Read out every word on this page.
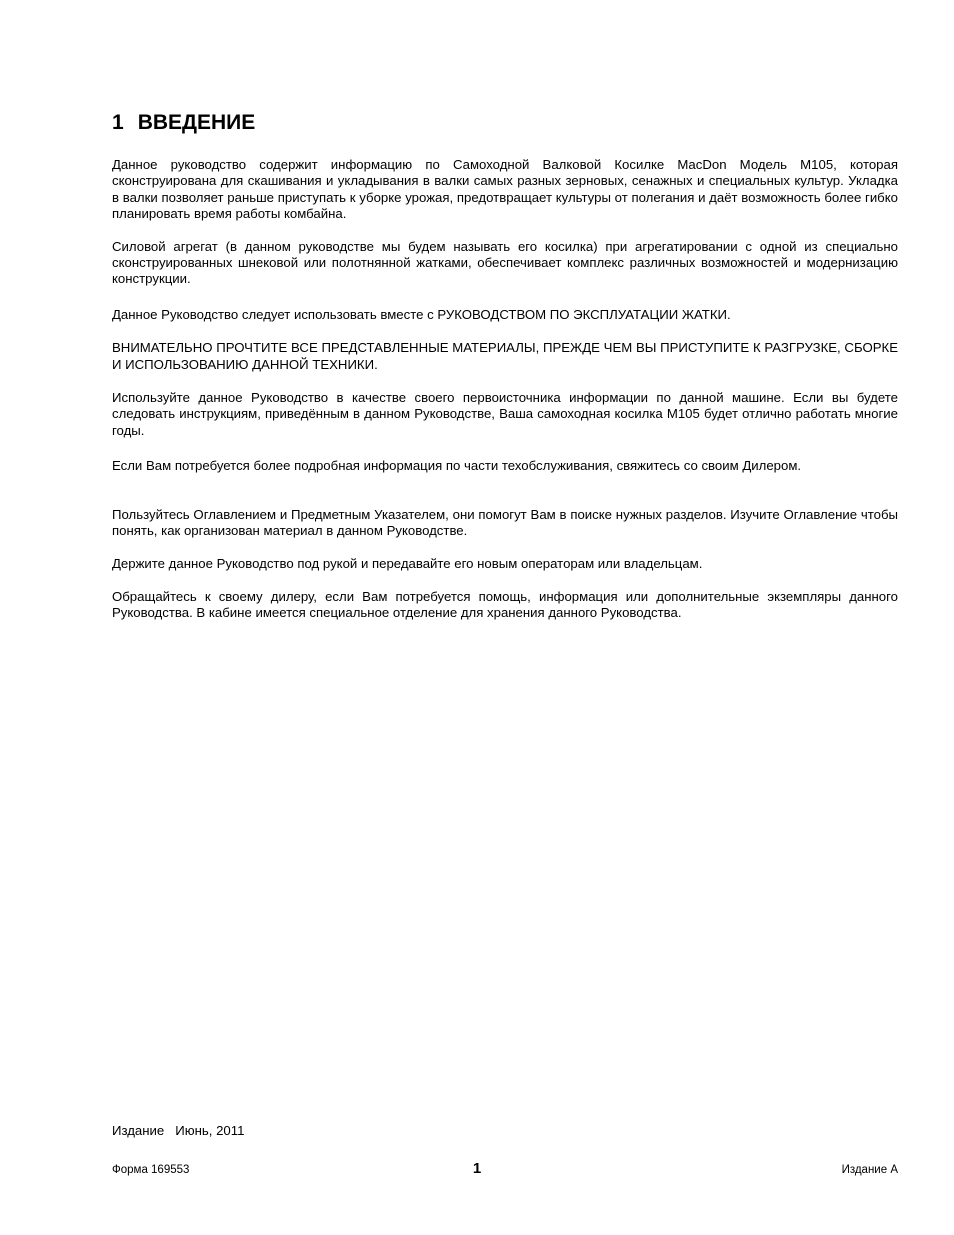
1 ВВЕДЕНИЕ

Данное руководство содержит информацию по Самоходной Валковой Косилке MacDon Модель М105, которая сконструирована для скашивания и укладывания в валки самых разных зерновых, сенажных и специальных культур. Укладка в валки позволяет раньше приступать к уборке урожая, предотвращает культуры от полегания и даёт возможность более гибко планировать время работы комбайна.

Силовой агрегат (в данном руководстве мы будем называть его косилка) при агрегатировании с одной из специально сконструированных шнековой или полотнянной жатками, обеспечивает комплекс различных возможностей и модернизацию конструкции.

Данное Руководство следует использовать вместе с РУКОВОДСТВОМ ПО ЭКСПЛУАТАЦИИ ЖАТКИ.

ВНИМАТЕЛЬНО ПРОЧТИТЕ ВСЕ ПРЕДСТАВЛЕННЫЕ МАТЕРИАЛЫ, ПРЕЖДЕ ЧЕМ ВЫ ПРИСТУПИТЕ К РАЗГРУЗКЕ, СБОРКЕ И ИСПОЛЬЗОВАНИЮ ДАННОЙ ТЕХНИКИ.

Используйте данное Руководство в качестве своего первоисточника информации по данной машине. Если вы будете следовать инструкциям, приведённым в данном Руководстве, Ваша самоходная косилка М105 будет отлично работать многие годы.

Если Вам потребуется более подробная информация по части техобслуживания, свяжитесь со своим Дилером.

Пользуйтесь Оглавлением и Предметным Указателем, они помогут Вам в поиске нужных разделов. Изучите Оглавление чтобы понять, как организован материал в данном Руководстве.

Держите данное Руководство под рукой и передавайте его новым операторам или владельцам.

Обращайтесь к своему дилеру, если Вам потребуется помощь, информация или дополнительные экземпляры данного Руководства. В кабине имеется специальное отделение для хранения данного Руководства.

Издание   Июнь, 2011
Форма 169553	1	Издание А
